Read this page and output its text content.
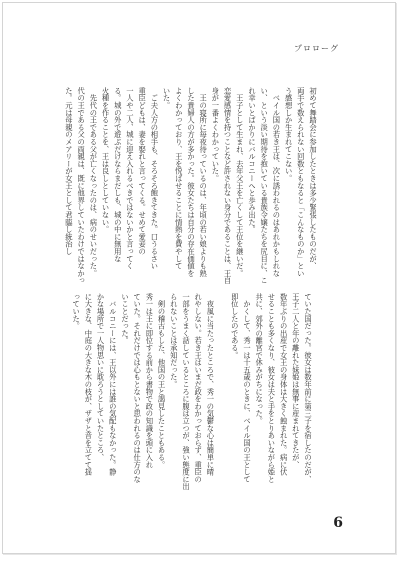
プロローグ
初めて舞踏会に参加したときは多少緊張したものだが、
両手で数えられない回数ともなると「こんなものか」とい
う感想しか生まれてこない。
　ベイル国の若き王は、次に誘われるのはあれかもしれな
い、という淡い期待を抱いている貴族令嬢たちを尻目に、こ
れ幸いとばかりにバルコニーへと歩み出た。
　王子として生まれ、去年父王を亡くして王位を継いだ。
恋愛感情を持つことなど許されない身分であることは、王自
身が一番よくわかっていた。
　王の寝所に毎夜待っているのは、年頃の若い娘よりも熟
した貴婦人の方が多かった。彼女たちは自分の存在価値を
よくわかっており、王を悦ばせることに情熱を費やして
いた。
　ご夫人方の相手も、そろそろ飽きてきた。口うるさい
重臣どもは、妻を娶れと言ってくる。せめて愛妾の
一人や二人、城に迎え入れるべきではないかと言ってく
る。城の外で遊ぶだけならまだしも、城の中に無用な
火種を作ることを、王は良しとしていない。
　先代の王である父が亡くなったのは、病のせいだった。
代の王である父の両親は、既に他界していたわけではなかっ
た。元は母親のメアリーが女王として君臨し統治し
ていた国だった。彼女は数年前に第三子を宿したのだが、
王子二人と年の離れた妹姫は無事に産まれてきたが、
数年ぶりの出産で女王の身体は大きく蝕まれた。病に伏
せることも多くなり、彼女は夫と手をとりあいながら姫と
共に、郊外の離宮で休みがちになった。
　かくして、秀一は十五歳のときに、ベイル国の王として
即位したのである。
　夜風に当たったところで、秀一の気鬱な心は簡単に晴
れやしない。若き王はいまだ政をわかっておらず、重臣の
一部をうまく話しているところに腹は立つが、強い態度に出
られないことは承知だった。
　剣の稽古もした、他国の王と謁見したこともある。
秀一は王に即位する前から書物で政の知識を頭に入れ
ていた。それだけでは心もとないと思われるのは仕方のな
いことだった。
　バルコニーには、王以外には誰の気配もなかった。静
かな場所で一人物思いに耽ろうとしていたところ、
に大きな、中庭の大きな木の枝が、ザザと音を立てて揺
っていた。
6
